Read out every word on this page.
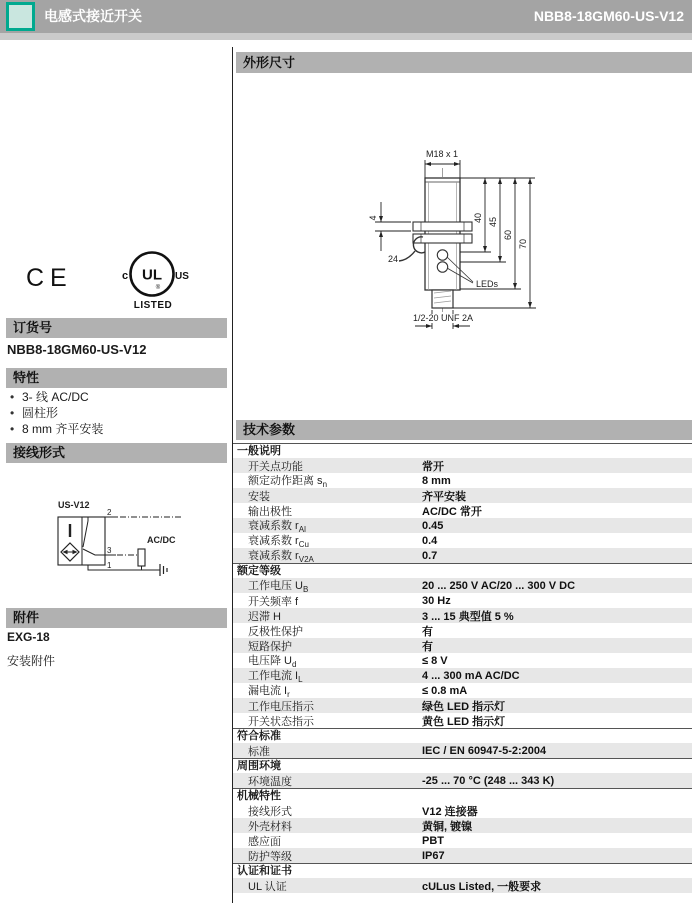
电感式接近开关	NBB8-18GM60-US-V12
CE	UL
®
c	US
LISTED
订货号
NBB8-18GM60-US-V12
特性
• 3- 线 AC/DC
• 圆柱形
• 8 mm 齐平安装
接线形式
US-V12
2
3
1
AC/DC
附件
EXG-18
安装附件
外形尺寸
M18 x 1
4
24
LEDs
40 45
60
70
1/2-20 UNF 2A
技术参数
一般说明
开关点功能	常开
额定动作距离 $s_n$	8 mm
安装	齐平安装
输出极性	AC/DC 常开
衰减系数 $r_{Al}$	0.45
衰减系数 $r_{Cu}$	0.4
衰减系数 $r_{V2A}$	0.7
额定等级
工作电压 $U_B$	20 ... 250 V AC/20 ... 300 V DC
开关频率 f	30 Hz
迟滞 H	3 ... 15 典型值 5 %
反极性保护	有
短路保护	有
电压降 $U_d$	≤ 8 V
工作电流 $I_L$	4 ... 300 mA AC/DC
漏电流 $I_r$	≤ 0.8 mA
工作电压指示	绿色 LED 指示灯
开关状态指示	黄色 LED 指示灯
符合标准
标准	IEC / EN 60947-5-2:2004
周围环境
环境温度	-25 ... 70 °C (248 ... 343 K)
机械特性
接线形式	V12 连接器
外壳材料	黄铜, 镀镍
感应面	PBT
防护等级	IP67
认证和证书
UL 认证	cULus Listed, 一般要求
